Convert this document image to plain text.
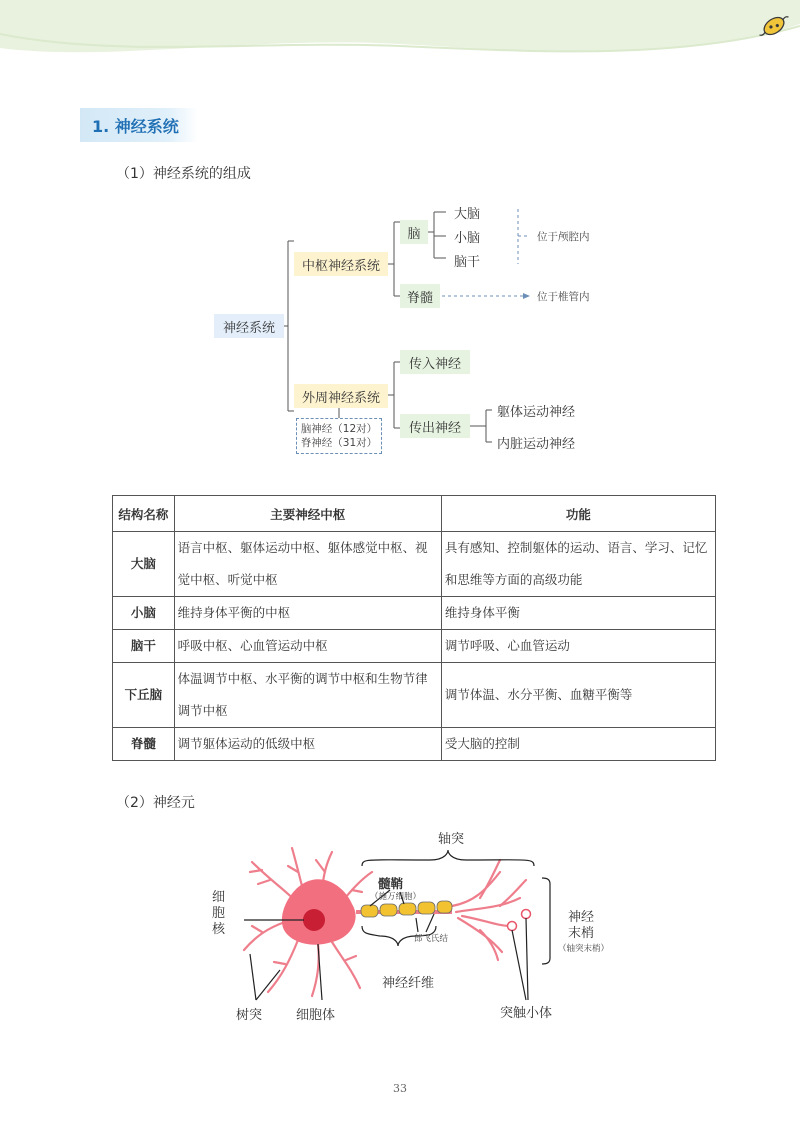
1. 神经系统
（1）神经系统的组成
神经系统
中枢神经系统
脑
大脑
小脑
脑干
位于颅腔内
脊髓	位于椎管内
外周神经系统
脑神经（12对）
脊神经（31对）
传入神经
传出神经
躯体运动神经
内脏运动神经
结构名称	主要神经中枢	功能
大脑	语言中枢、躯体运动中枢、躯体感觉中枢、视觉中枢、听觉中枢	具有感知、控制躯体的运动、语言、学习、记忆和思维等方面的高级功能
小脑	维持身体平衡的中枢	维持身体平衡
脑干	呼吸中枢、心血管运动中枢	调节呼吸、心血管运动
下丘脑	体温调节中枢、水平衡的调节中枢和生物节律调节中枢	调节体温、水分平衡、血糖平衡等
脊髓	调节躯体运动的低级中枢	受大脑的控制
（2）神经元
轴突
髓鞘
（施万细胞）
郎飞氏结
神经纤维
细
胞
核
树突	细胞体	突触小体
神经
末梢
（轴突末梢）
33
